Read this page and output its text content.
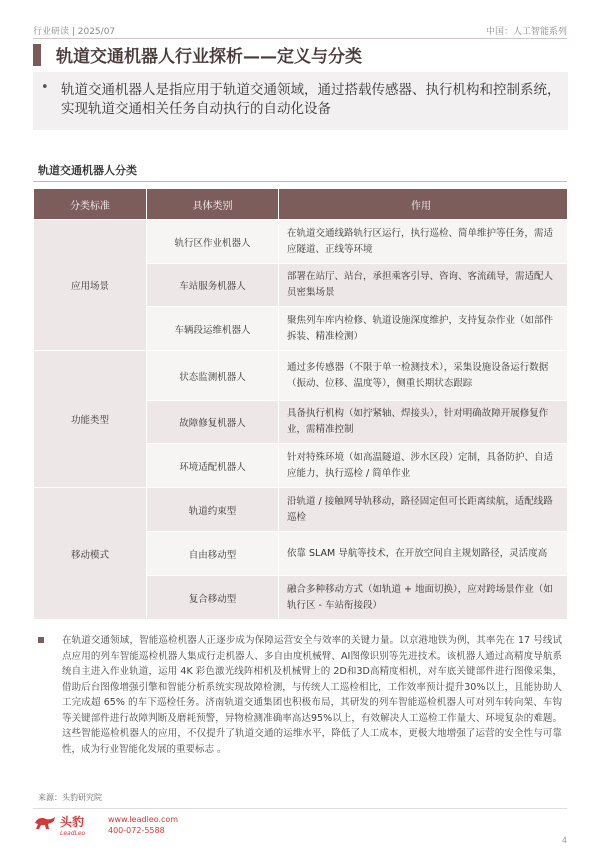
行业研读 | 2025/07	中国：人工智能系列
轨道交通机器人行业探析——定义与分类
• 轨道交通机器人是指应用于轨道交通领域，通过搭载传感器、执行机构和控制系统，实现轨道交通相关任务自动执行的自动化设备
轨道交通机器人分类
分类标准	具体类别	作用
应用场景	轨行区作业机器人	在轨道交通线路轨行区运行，执行巡检、简单维护等任务，需适应隧道、正线等环境
	车站服务机器人	部署在站厅、站台，承担乘客引导、咨询、客流疏导，需适配人员密集场景
	车辆段运维机器人	聚焦列车库内检修、轨道设施深度维护，支持复杂作业（如部件拆装、精准检测）
功能类型	状态监测机器人	通过多传感器（不限于单一检测技术），采集设施设备运行数据（振动、位移、温度等），侧重长期状态跟踪
	故障修复机器人	具备执行机构（如拧紧轴、焊接头），针对明确故障开展修复作业，需精准控制
	环境适配机器人	针对特殊环境（如高温隧道、涉水区段）定制，具备防护、自适应能力，执行巡检 / 简单作业
移动模式	轨道约束型	沿轨道 / 接触网导轨移动，路径固定但可长距离续航，适配线路巡检
	自由移动型	依靠 SLAM 导航等技术，在开放空间自主规划路径，灵活度高
	复合移动型	融合多种移动方式（如轨道 + 地面切换），应对跨场景作业（如轨行区 - 车站衔接段）
在轨道交通领域，智能巡检机器人正逐步成为保障运营安全与效率的关键力量。以京港地铁为例，其率先在 17 号线试点应用的列车智能巡检机器人集成行走机器人、多自由度机械臂、AI图像识别等先进技术。该机器人通过高精度导航系统自主进入作业轨道，运用 4K 彩色激光线阵相机及机械臂上的 2D和3D高精度相机，对车底关键部件进行图像采集，借助后台图像增强引擎和智能分析系统实现故障检测，与传统人工巡检相比，工作效率预计提升30%以上，且能协助人工完成超 65% 的车下巡检任务。济南轨道交通集团也积极布局，其研发的列车智能巡检机器人可对列车转向架、车钩等关键部件进行故障判断及磨耗预警，异物检测准确率高达95%以上，有效解决人工巡检工作量大、环境复杂的难题。这些智能巡检机器人的应用，不仅提升了轨道交通的运维水平，降低了人工成本，更极大地增强了运营的安全性与可靠性，成为行业智能化发展的重要标志 。
来源：头豹研究院
头豹
LeadLeo
www.leadleo.com
400-072-5588
4
